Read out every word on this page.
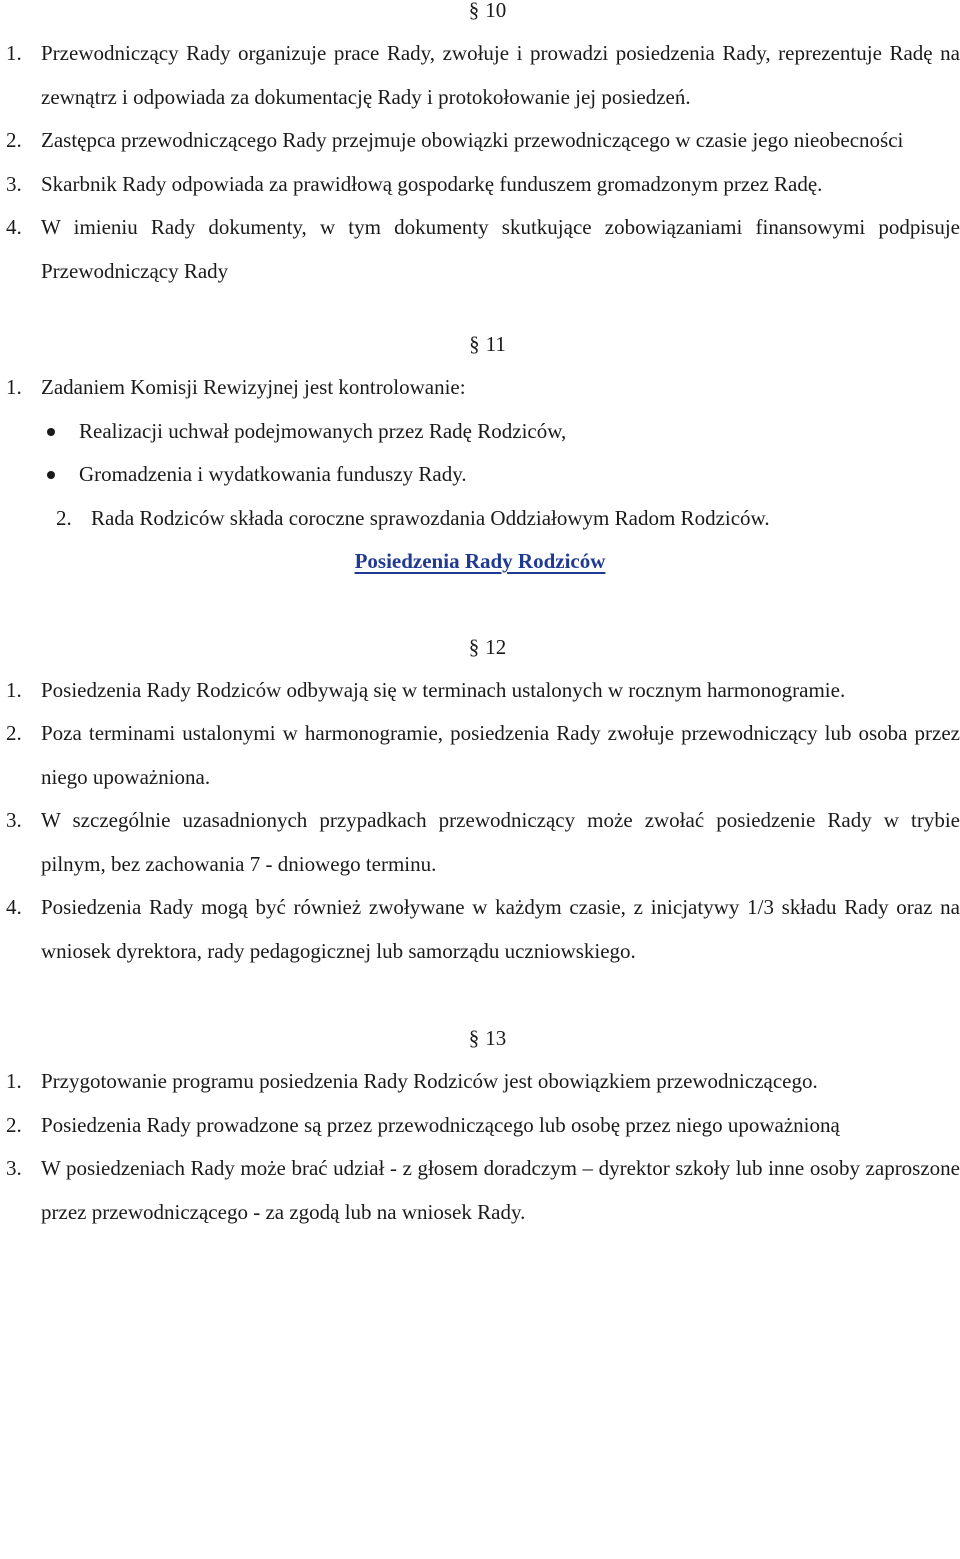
§ 10
1. Przewodniczący Rady organizuje prace Rady, zwołuje i prowadzi posiedzenia Rady, reprezentuje Radę na zewnątrz i odpowiada za dokumentację Rady i protokołowanie jej posiedzeń.
2. Zastępca przewodniczącego Rady przejmuje obowiązki przewodniczącego w czasie jego nieobecności
3. Skarbnik Rady odpowiada za prawidłową gospodarkę funduszem gromadzonym przez Radę.
4. W imieniu Rady dokumenty, w tym dokumenty skutkujące zobowiązaniami finansowymi podpisuje Przewodniczący Rady
§ 11
1. Zadaniem Komisji Rewizyjnej jest kontrolowanie:
Realizacji uchwał podejmowanych przez Radę Rodziców,
Gromadzenia i wydatkowania funduszy Rady.
2. Rada Rodziców składa coroczne sprawozdania Oddziałowym Radom Rodziców.
Posiedzenia Rady Rodziców
§ 12
1. Posiedzenia Rady Rodziców odbywają się w terminach ustalonych w rocznym harmonogramie.
2. Poza terminami ustalonymi w harmonogramie, posiedzenia Rady zwołuje przewodniczący lub osoba przez niego upoważniona.
3. W szczególnie uzasadnionych przypadkach przewodniczący może zwołać posiedzenie Rady w trybie pilnym, bez zachowania 7 - dniowego terminu.
4. Posiedzenia Rady mogą być również zwoływane w każdym czasie, z inicjatywy 1/3 składu Rady oraz na wniosek dyrektora, rady pedagogicznej lub samorządu uczniowskiego.
§ 13
1. Przygotowanie programu posiedzenia Rady Rodziców jest obowiązkiem przewodniczącego.
2. Posiedzenia Rady prowadzone są przez przewodniczącego lub osobę przez niego upoważnioną
3. W posiedzeniach Rady może brać udział - z głosem doradczym – dyrektor szkoły lub inne osoby zaproszone przez przewodniczącego - za zgodą lub na wniosek Rady.
